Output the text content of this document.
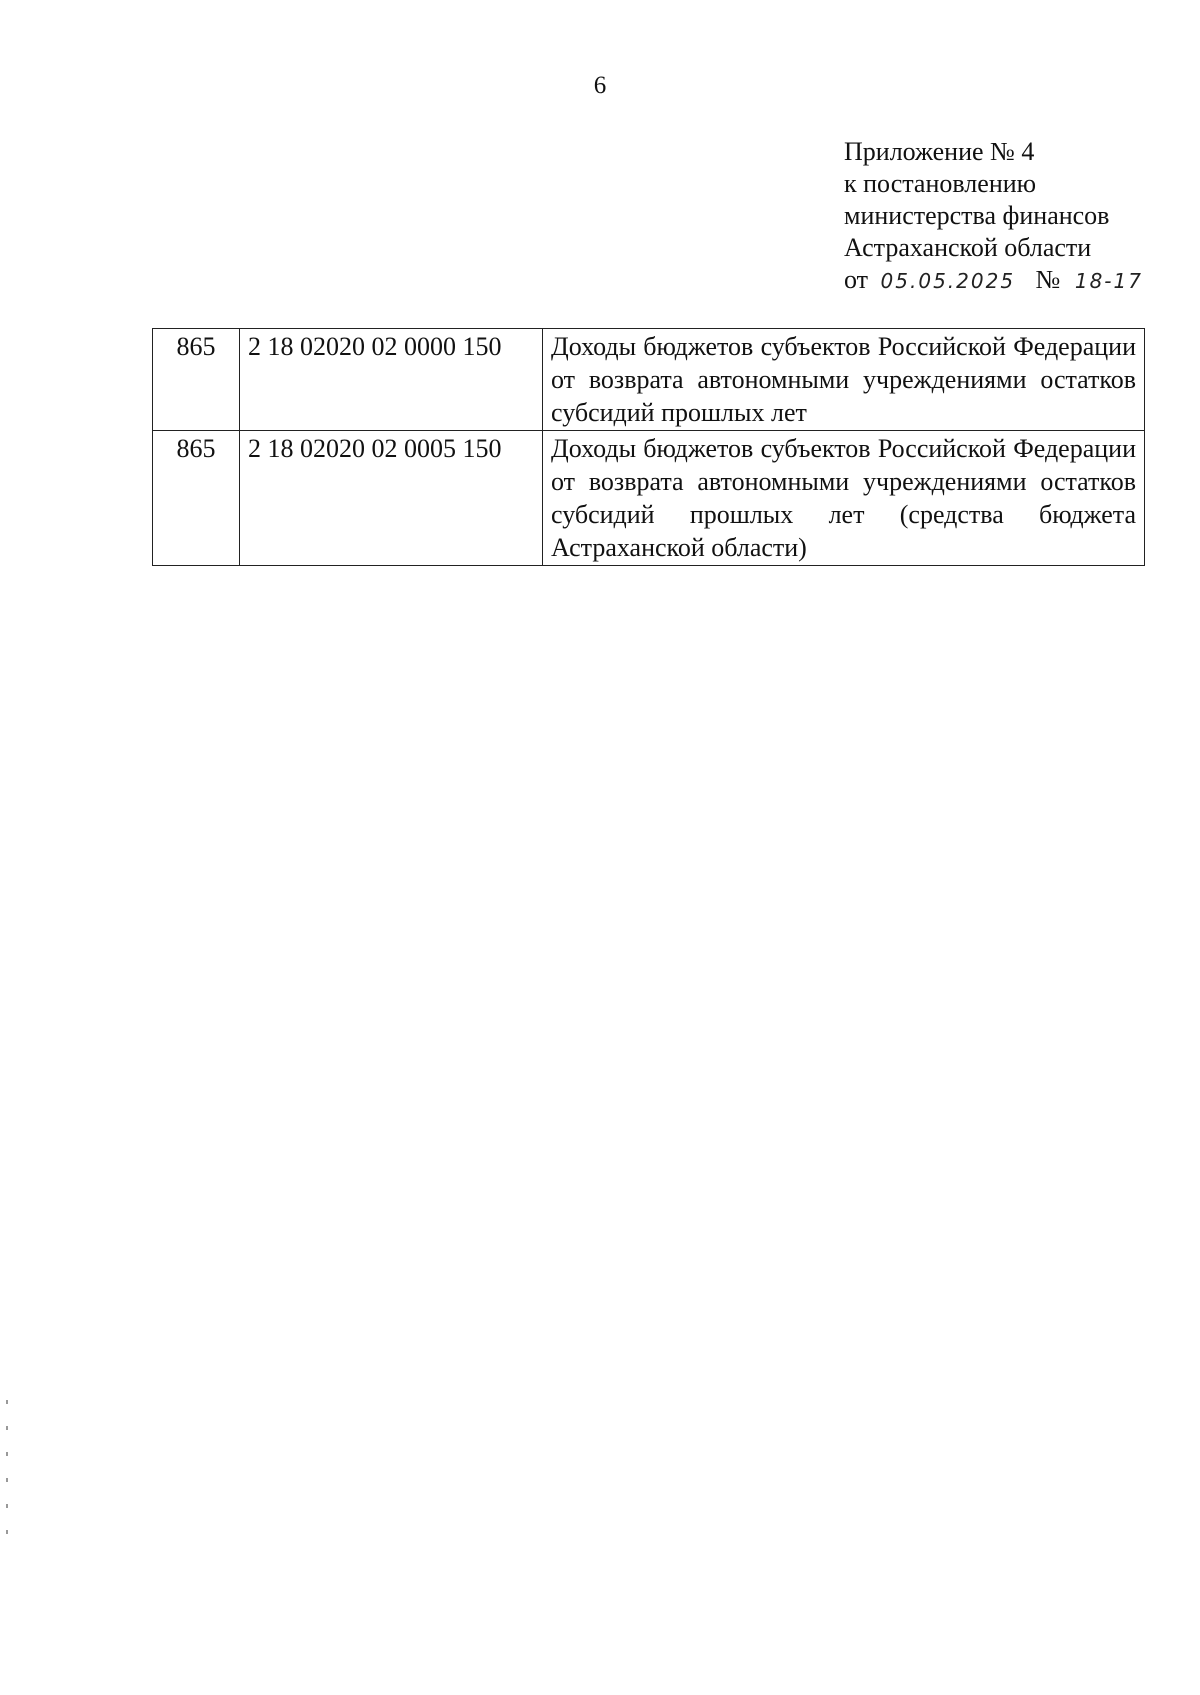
6
Приложение № 4
к постановлению
министерства финансов
Астраханской области
от 05.05.2025 № 18-17
865	2 18 02020 02 0000 150	Доходы бюджетов субъектов Российской Федерации от возврата автономными учреждениями остатков субсидий прошлых лет
865	2 18 02020 02 0005 150	Доходы бюджетов субъектов Российской Федерации от возврата автономными учреждениями остатков субсидий прошлых лет (средства бюджета Астраханской области)
